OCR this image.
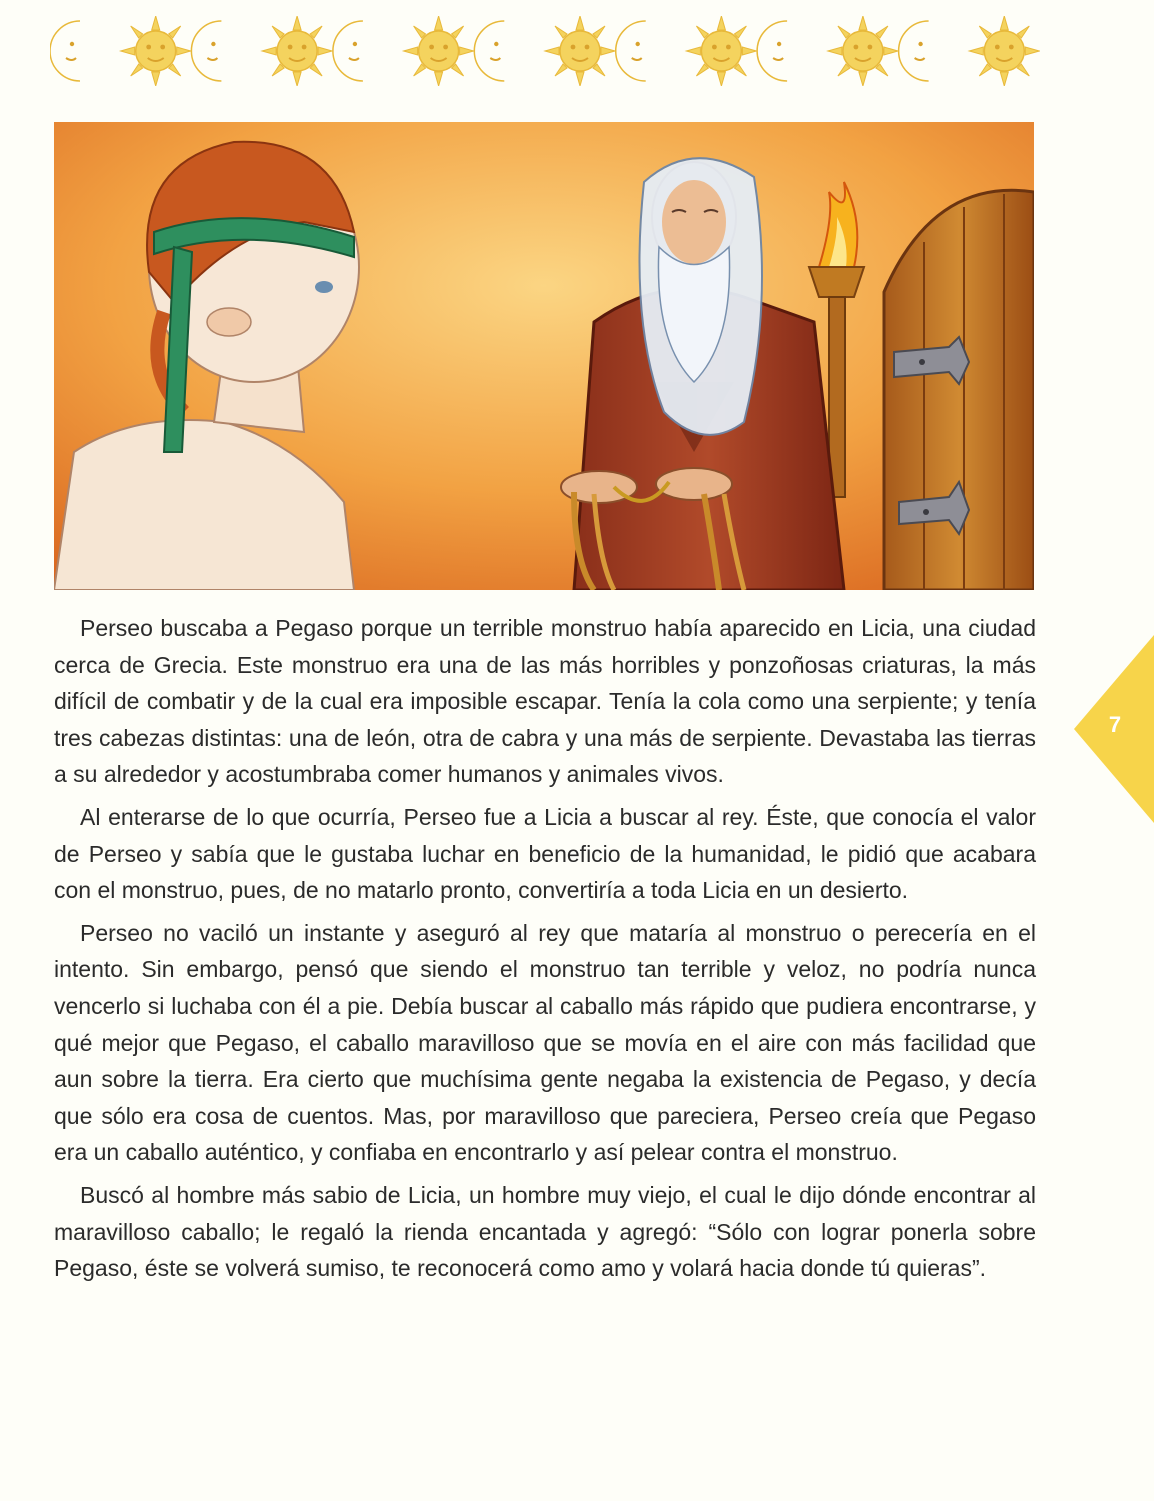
Perseo buscaba a Pegaso porque un terrible monstruo había aparecido en Licia, una ciudad cerca de Grecia. Este monstruo era una de las más horribles y ponzoñosas criaturas, la más difícil de combatir y de la cual era imposible escapar. Tenía la cola como una serpiente; y tenía tres cabezas distintas: una de león, otra de cabra y una más de serpiente. Devastaba las tierras a su alrededor y acostumbraba comer humanos y animales vivos.

Al enterarse de lo que ocurría, Perseo fue a Licia a buscar al rey. Éste, que conocía el valor de Perseo y sabía que le gustaba luchar en beneficio de la humanidad, le pidió que acabara con el monstruo, pues, de no matarlo pronto, convertiría a toda Licia en un desierto.

Perseo no vaciló un instante y aseguró al rey que mataría al monstruo o perecería en el intento. Sin embargo, pensó que siendo el monstruo tan terrible y veloz, no podría nunca vencerlo si luchaba con él a pie. Debía buscar al caballo más rápido que pudiera encontrarse, y qué mejor que Pegaso, el caballo maravilloso que se movía en el aire con más facilidad que aun sobre la tierra. Era cierto que muchísima gente negaba la existencia de Pegaso, y decía que sólo era cosa de cuentos. Mas, por maravilloso que pareciera, Perseo creía que Pegaso era un caballo auténtico, y confiaba en encontrarlo y así pelear contra el monstruo.

Buscó al hombre más sabio de Licia, un hombre muy viejo, el cual le dijo dónde encontrar al maravilloso caballo; le regaló la rienda encantada y agregó: “Sólo con lograr ponerla sobre Pegaso, éste se volverá sumiso, te reconocerá como amo y volará hacia donde tú quieras”.

7
